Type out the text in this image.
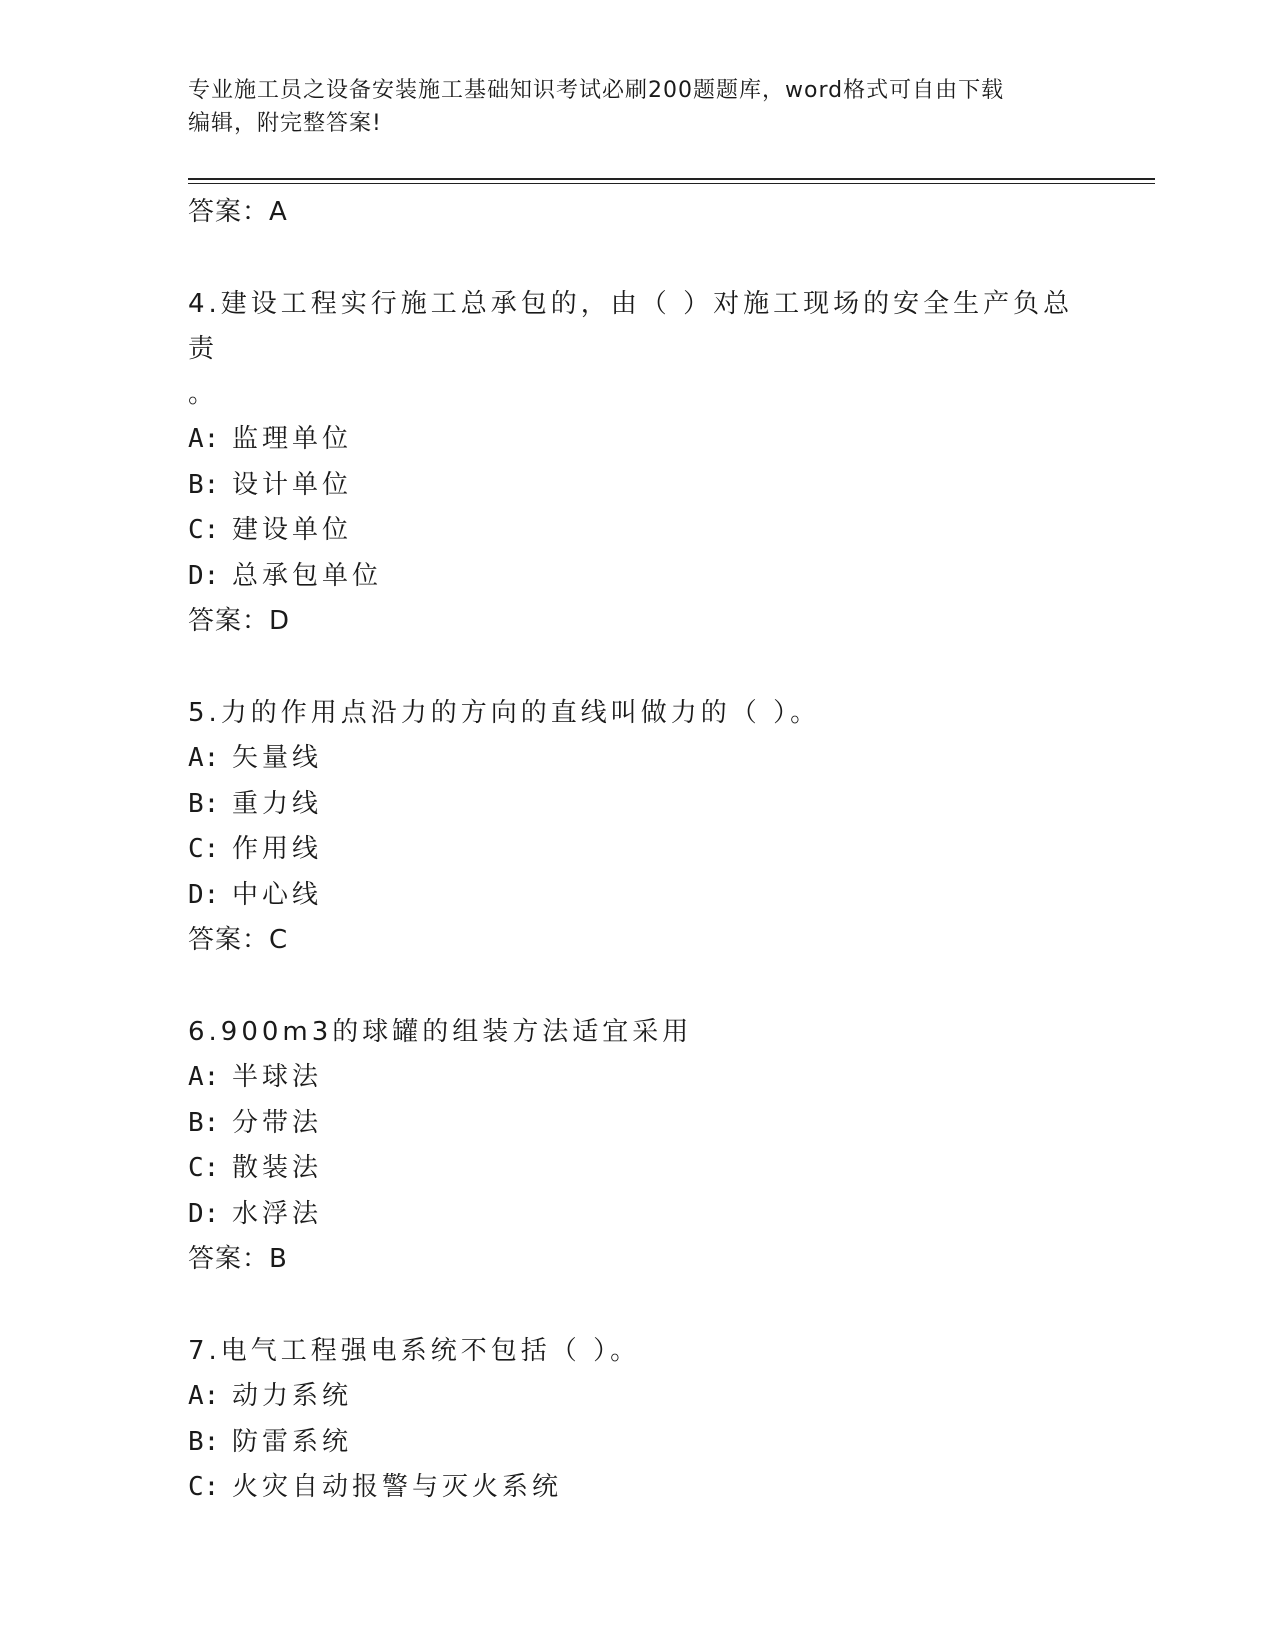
专业施工员之设备安装施工基础知识考试必刷200题题库，word格式可自由下载
编辑，附完整答案!
答案：A
4.建设工程实行施工总承包的，由（ ）对施工现场的安全生产负总责
。
A: 监理单位
B: 设计单位
C: 建设单位
D: 总承包单位
答案：D
5.力的作用点沿力的方向的直线叫做力的（ ）。
A: 矢量线
B: 重力线
C: 作用线
D: 中心线
答案：C
6.900m3的球罐的组装方法适宜采用
A: 半球法
B: 分带法
C: 散装法
D: 水浮法
答案：B
7.电气工程强电系统不包括（ ）。
A: 动力系统
B: 防雷系统
C: 火灾自动报警与灭火系统
